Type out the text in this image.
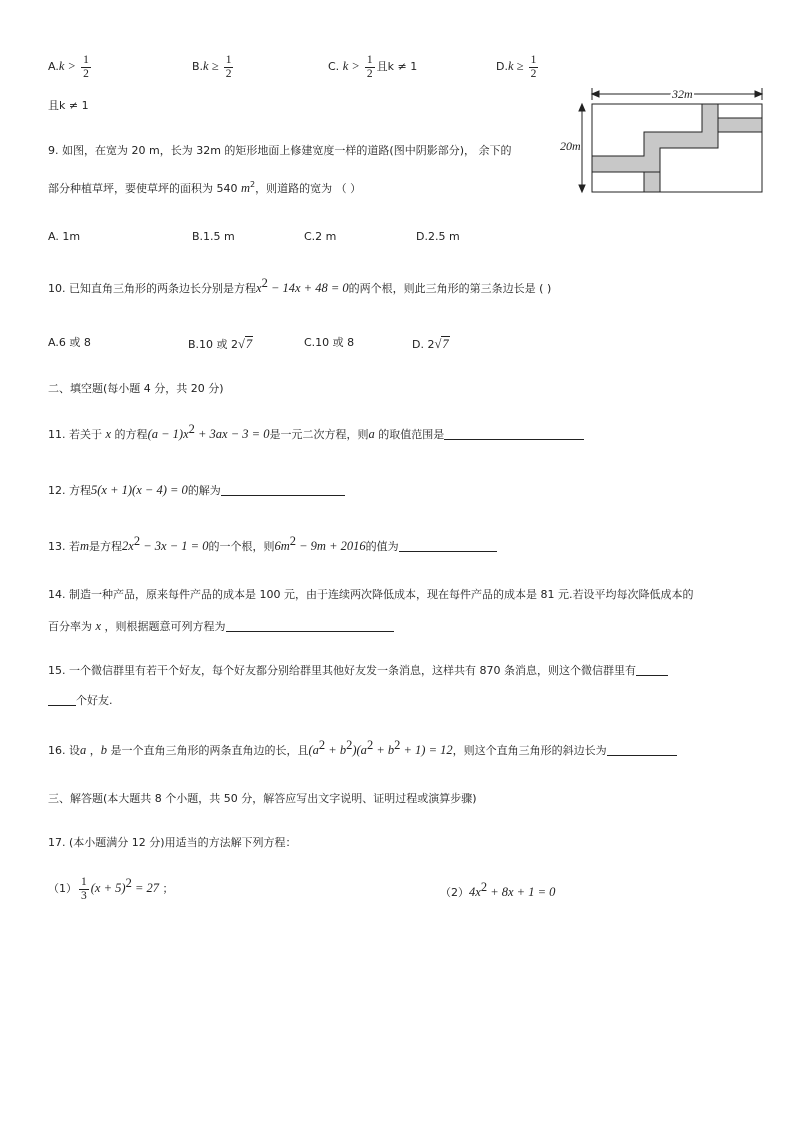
$A.k > \frac{1}{2}$
且k ≠ 1
$B.k \ge \frac{1}{2}$	C. $k > \frac{1}{2}$ 且k ≠ 1	$D.k \ge \frac{1}{2}$
32m
20m
9. 如图，在宽为 20 m，长为 32m 的矩形地面上修建宽度一样的道路(图中阴影部分)， 余下的
部分种植草坪，要使草坪的面积为 540 $m^2$，则道路的宽为 （ ）
A. 1m	B.1.5 m	C.2 m	D.2.5 m
10. 已知直角三角形的两条边长分别是方程$x^2 - 14x + 48 = 0$的两个根，则此三角形的第三条边长是 ( )
A.6 或 8	B.10 或 2√7	C.10 或 8	D. 2√7
二、填空题(每小题 4 分，共 20 分)
11. 若关于 x 的方程$(a - 1)x^2 + 3ax - 3 = 0$是一元二次方程，则a 的取值范围是
12. 方程5(x + 1)(x − 4) = 0的解为
13. 若m是方程$2x^2 - 3x - 1 = 0$的一个根，则$6m^2 - 9m + 2016$的值为
14. 制造一种产品，原来每件产品的成本是 100 元，由于连续两次降低成本，现在每件产品的成本是 81 元.若设平均每次降低成本的
百分率为 x ，则根据题意可列方程为
15. 一个微信群里有若干个好友，每个好友都分别给群里其他好友发一条消息，这样共有 870 条消息，则这个微信群里有
个好友.
16. 设a ，b 是一个直角三角形的两条直角边的长，且$(a^2 + b^2)(a^2 + b^2 + 1) = 12$，则这个直角三角形的斜边长为
三、解答题(本大题共 8 个小题，共 50 分，解答应写出文字说明、证明过程或演算步骤)
17. (本小题满分 12 分)用适当的方法解下列方程：
$(1) \frac{1}{3} (x + 5)^2 = 27$ ；	$(2)4x^2 + 8x + 1 = 0$
